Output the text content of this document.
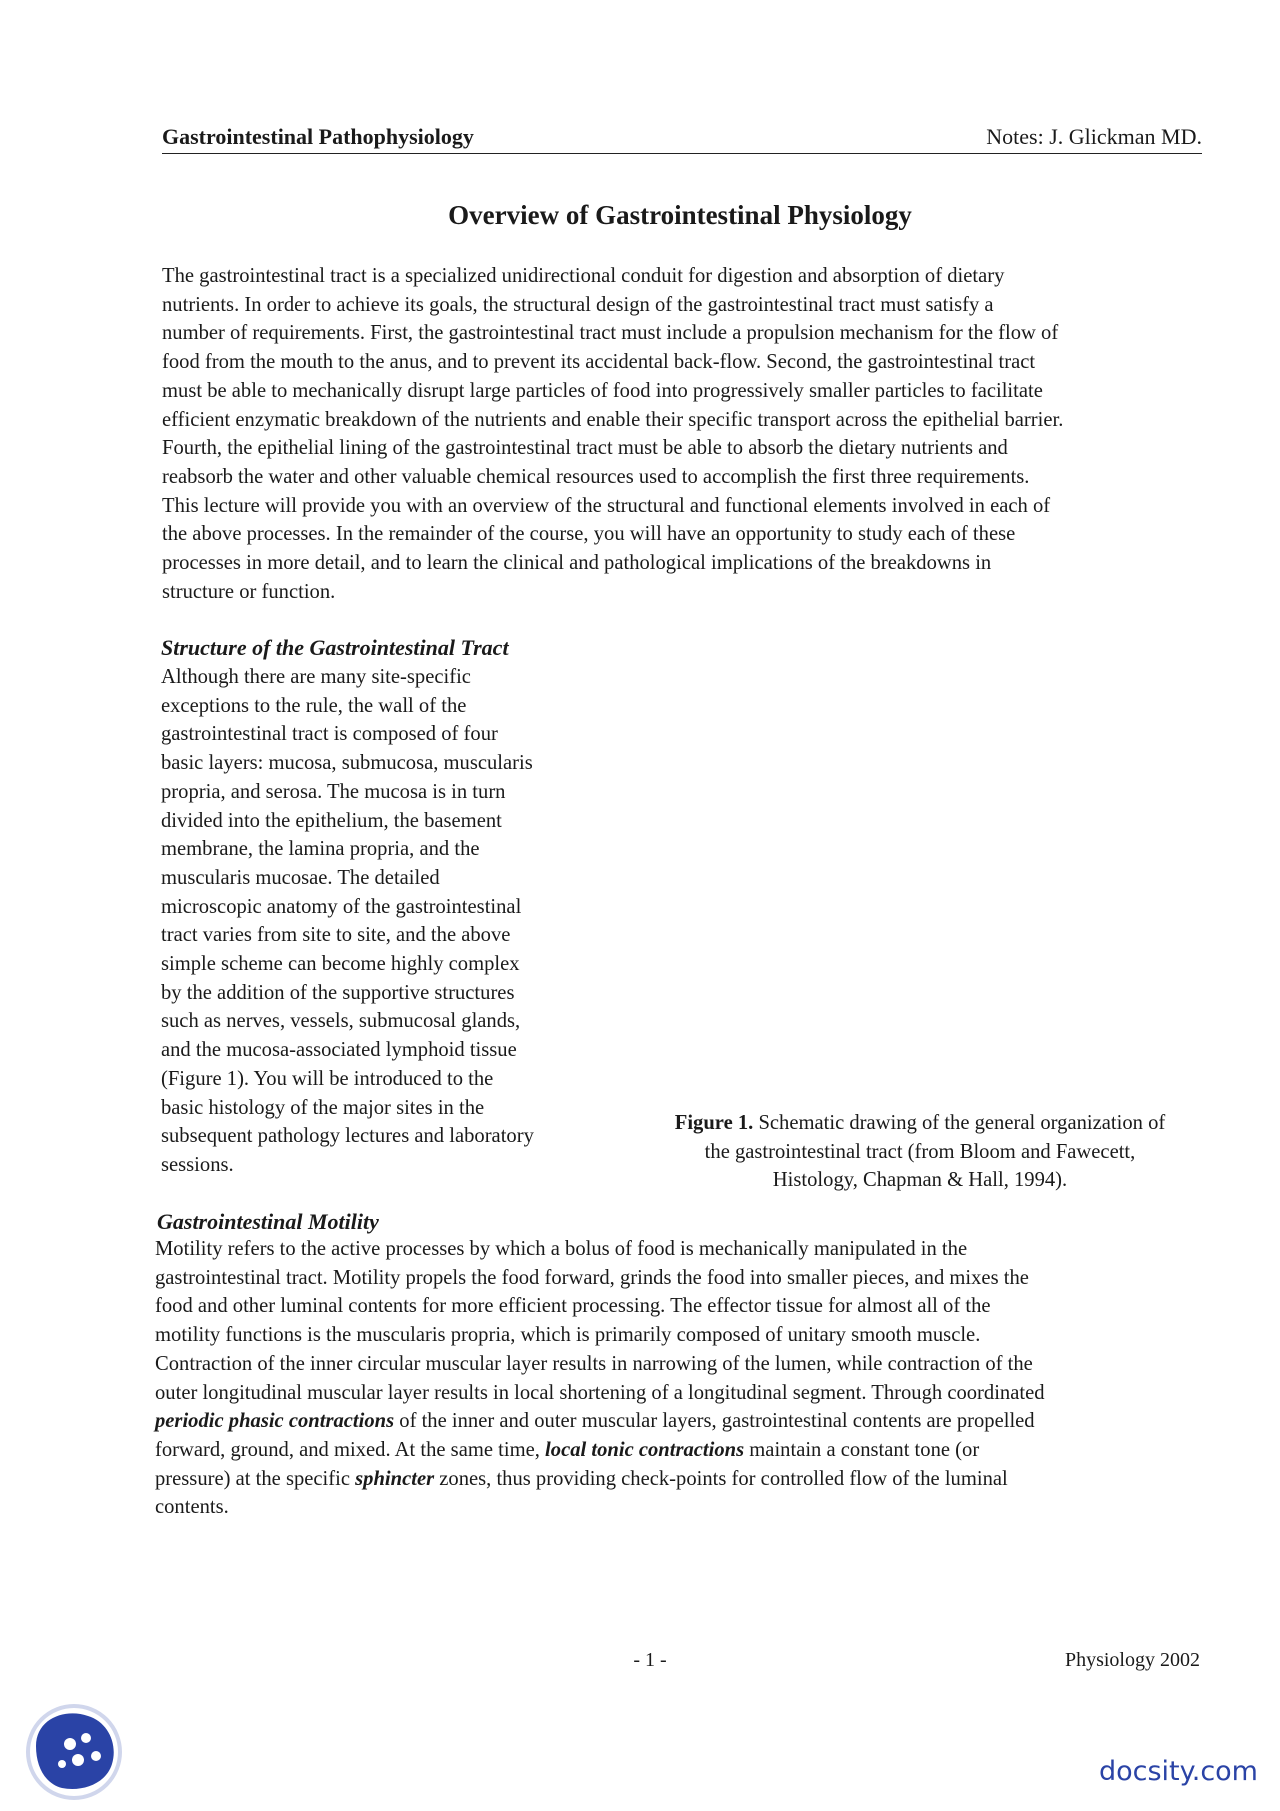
Gastrointestinal Pathophysiology	Notes: J. Glickman MD.
Overview of Gastrointestinal Physiology
The gastrointestinal tract is a specialized unidirectional conduit for digestion and absorption of dietary
nutrients. In order to achieve its goals, the structural design of the gastrointestinal tract must satisfy a
number of requirements. First, the gastrointestinal tract must include a propulsion mechanism for the flow of
food from the mouth to the anus, and to prevent its accidental back-flow. Second, the gastrointestinal tract
must be able to mechanically disrupt large particles of food into progressively smaller particles to facilitate
efficient enzymatic breakdown of the nutrients and enable their specific transport across the epithelial barrier.
Fourth, the epithelial lining of the gastrointestinal tract must be able to absorb the dietary nutrients and
reabsorb the water and other valuable chemical resources used to accomplish the first three requirements.
This lecture will provide you with an overview of the structural and functional elements involved in each of
the above processes. In the remainder of the course, you will have an opportunity to study each of these
processes in more detail, and to learn the clinical and pathological implications of the breakdowns in
structure or function.
Structure of the Gastrointestinal Tract
Although there are many site-specific
exceptions to the rule, the wall of the
gastrointestinal tract is composed of four
basic layers: mucosa, submucosa, muscularis
propria, and serosa. The mucosa is in turn
divided into the epithelium, the basement
membrane, the lamina propria, and the
muscularis mucosae. The detailed
microscopic anatomy of the gastrointestinal
tract varies from site to site, and the above
simple scheme can become highly complex
by the addition of the supportive structures
such as nerves, vessels, submucosal glands,
and the mucosa-associated lymphoid tissue
(Figure 1). You will be introduced to the
basic histology of the major sites in the
subsequent pathology lectures and laboratory
sessions.
Figure 1. Schematic drawing of the general organization of
the gastrointestinal tract (from Bloom and Fawecett,
Histology, Chapman & Hall, 1994).
Gastrointestinal Motility
Motility refers to the active processes by which a bolus of food is mechanically manipulated in the
gastrointestinal tract. Motility propels the food forward, grinds the food into smaller pieces, and mixes the
food and other luminal contents for more efficient processing. The effector tissue for almost all of the
motility functions is the muscularis propria, which is primarily composed of unitary smooth muscle.
Contraction of the inner circular muscular layer results in narrowing of the lumen, while contraction of the
outer longitudinal muscular layer results in local shortening of a longitudinal segment. Through coordinated
periodic phasic contractions of the inner and outer muscular layers, gastrointestinal contents are propelled
forward, ground, and mixed. At the same time, local tonic contractions maintain a constant tone (or
pressure) at the specific sphincter zones, thus providing check-points for controlled flow of the luminal
contents.
- 1 -	Physiology 2002
docsity.com
